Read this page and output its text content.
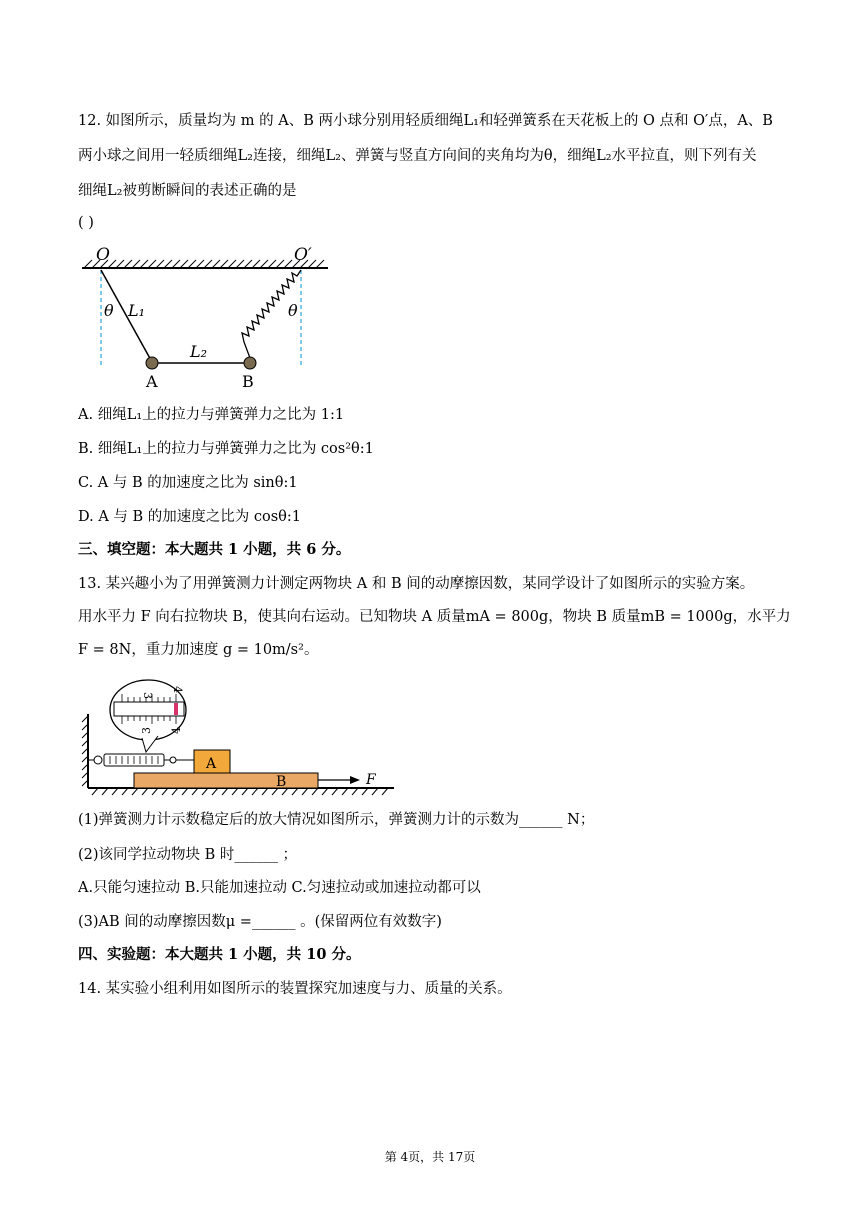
12. 如图所示，质量均为 m 的 A、B 两小球分别用轻质细绳L₁和轻弹簧系在天花板上的 O 点和 O′点，A、B
两小球之间用一轻质细绳L₂连接，细绳L₂、弹簧与竖直方向间的夹角均为θ，细绳L₂水平拉直，则下列有关
细绳L₂被剪断瞬间的表述正确的是
( )
O	O′
θ	θ
L₁
L₂
A	B
A. 细绳L₁上的拉力与弹簧弹力之比为 1:1
B. 细绳L₁上的拉力与弹簧弹力之比为 cos²θ:1
C. A 与 B 的加速度之比为 sinθ:1
D. A 与 B 的加速度之比为 cosθ:1
三、填空题：本大题共 1 小题，共 6 分。
13. 某兴趣小为了用弹簧测力计测定两物块 A 和 B 间的动摩擦因数，某同学设计了如图所示的实验方案。
用水平力 F 向右拉物块 B，使其向右运动。已知物块 A 质量mA = 800g，物块 B 质量mB = 1000g，水平力
F = 8N，重力加速度 g = 10m/s²。
3
4
3 4
A
B	F
(1)弹簧测力计示数稳定后的放大情况如图所示，弹簧测力计的示数为______ N；
(2)该同学拉动物块 B 时______ ；
A.只能匀速拉动 B.只能加速拉动 C.匀速拉动或加速拉动都可以
(3)AB 间的动摩擦因数μ =______ 。(保留两位有效数字)
四、实验题：本大题共 1 小题，共 10 分。
14. 某实验小组利用如图所示的装置探究加速度与力、质量的关系。
第 4页，共 17页
